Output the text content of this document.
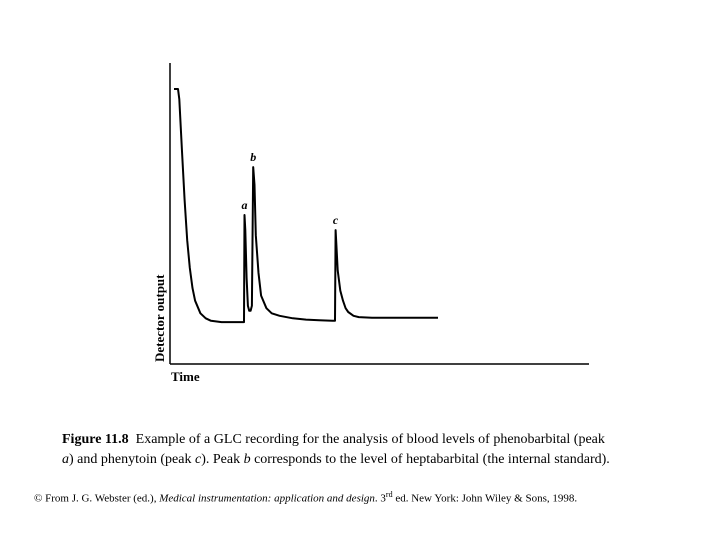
a
b
c
Detector output
Time
Figure 11.8 Example of a GLC recording for the analysis of blood levels of phenobarbital (peak
a) and phenytoin (peak c). Peak b corresponds to the level of heptabarbital (the internal standard).
© From J. G. Webster (ed.), Medical instrumentation: application and design. 3rd ed. New York: John Wiley & Sons, 1998.
